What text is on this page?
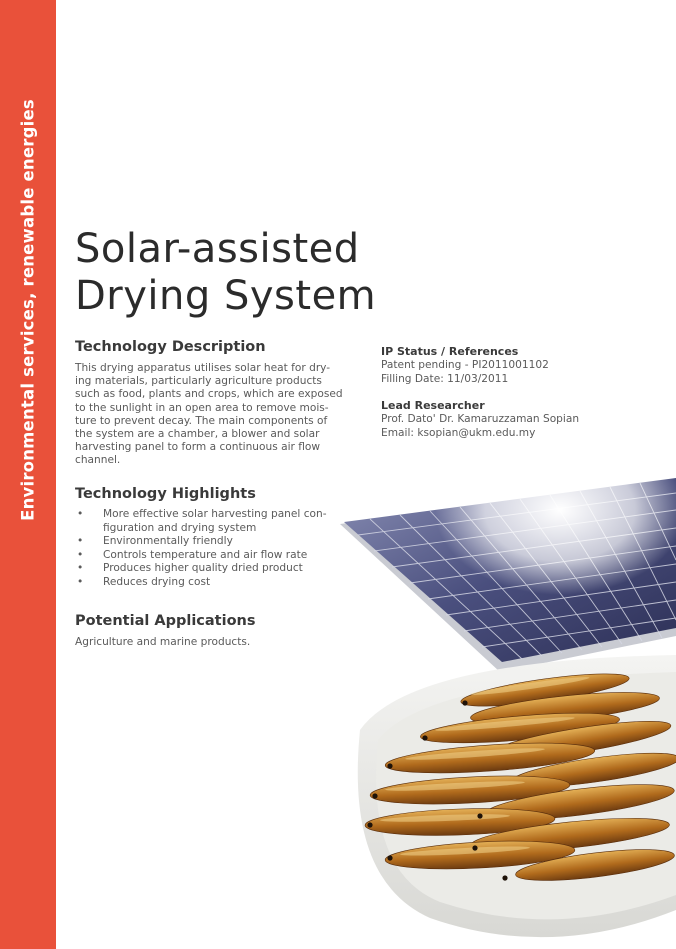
Environmental services, renewable energies Solar-assisted
Drying System
Technology Description
This drying apparatus utilises solar heat for dry-
ing materials, particularly agriculture products
such as food, plants and crops, which are exposed
to the sunlight in an open area to remove mois-
ture to prevent decay. The main components of
the system are a chamber, a blower and solar
harvesting panel to form a continuous air flow
channel.
Technology Highlights
• More effective solar harvesting panel con-
figuration and drying system
• Environmentally friendly
• Controls temperature and air flow rate
• Produces higher quality dried product
• Reduces drying cost
Potential Applications
Agriculture and marine products.
IP Status / References
Patent pending - PI2011001102
Filling Date: 11/03/2011
Lead Researcher
Prof. Dato' Dr. Kamaruzzaman Sopian
Email: ksopian@ukm.edu.my
